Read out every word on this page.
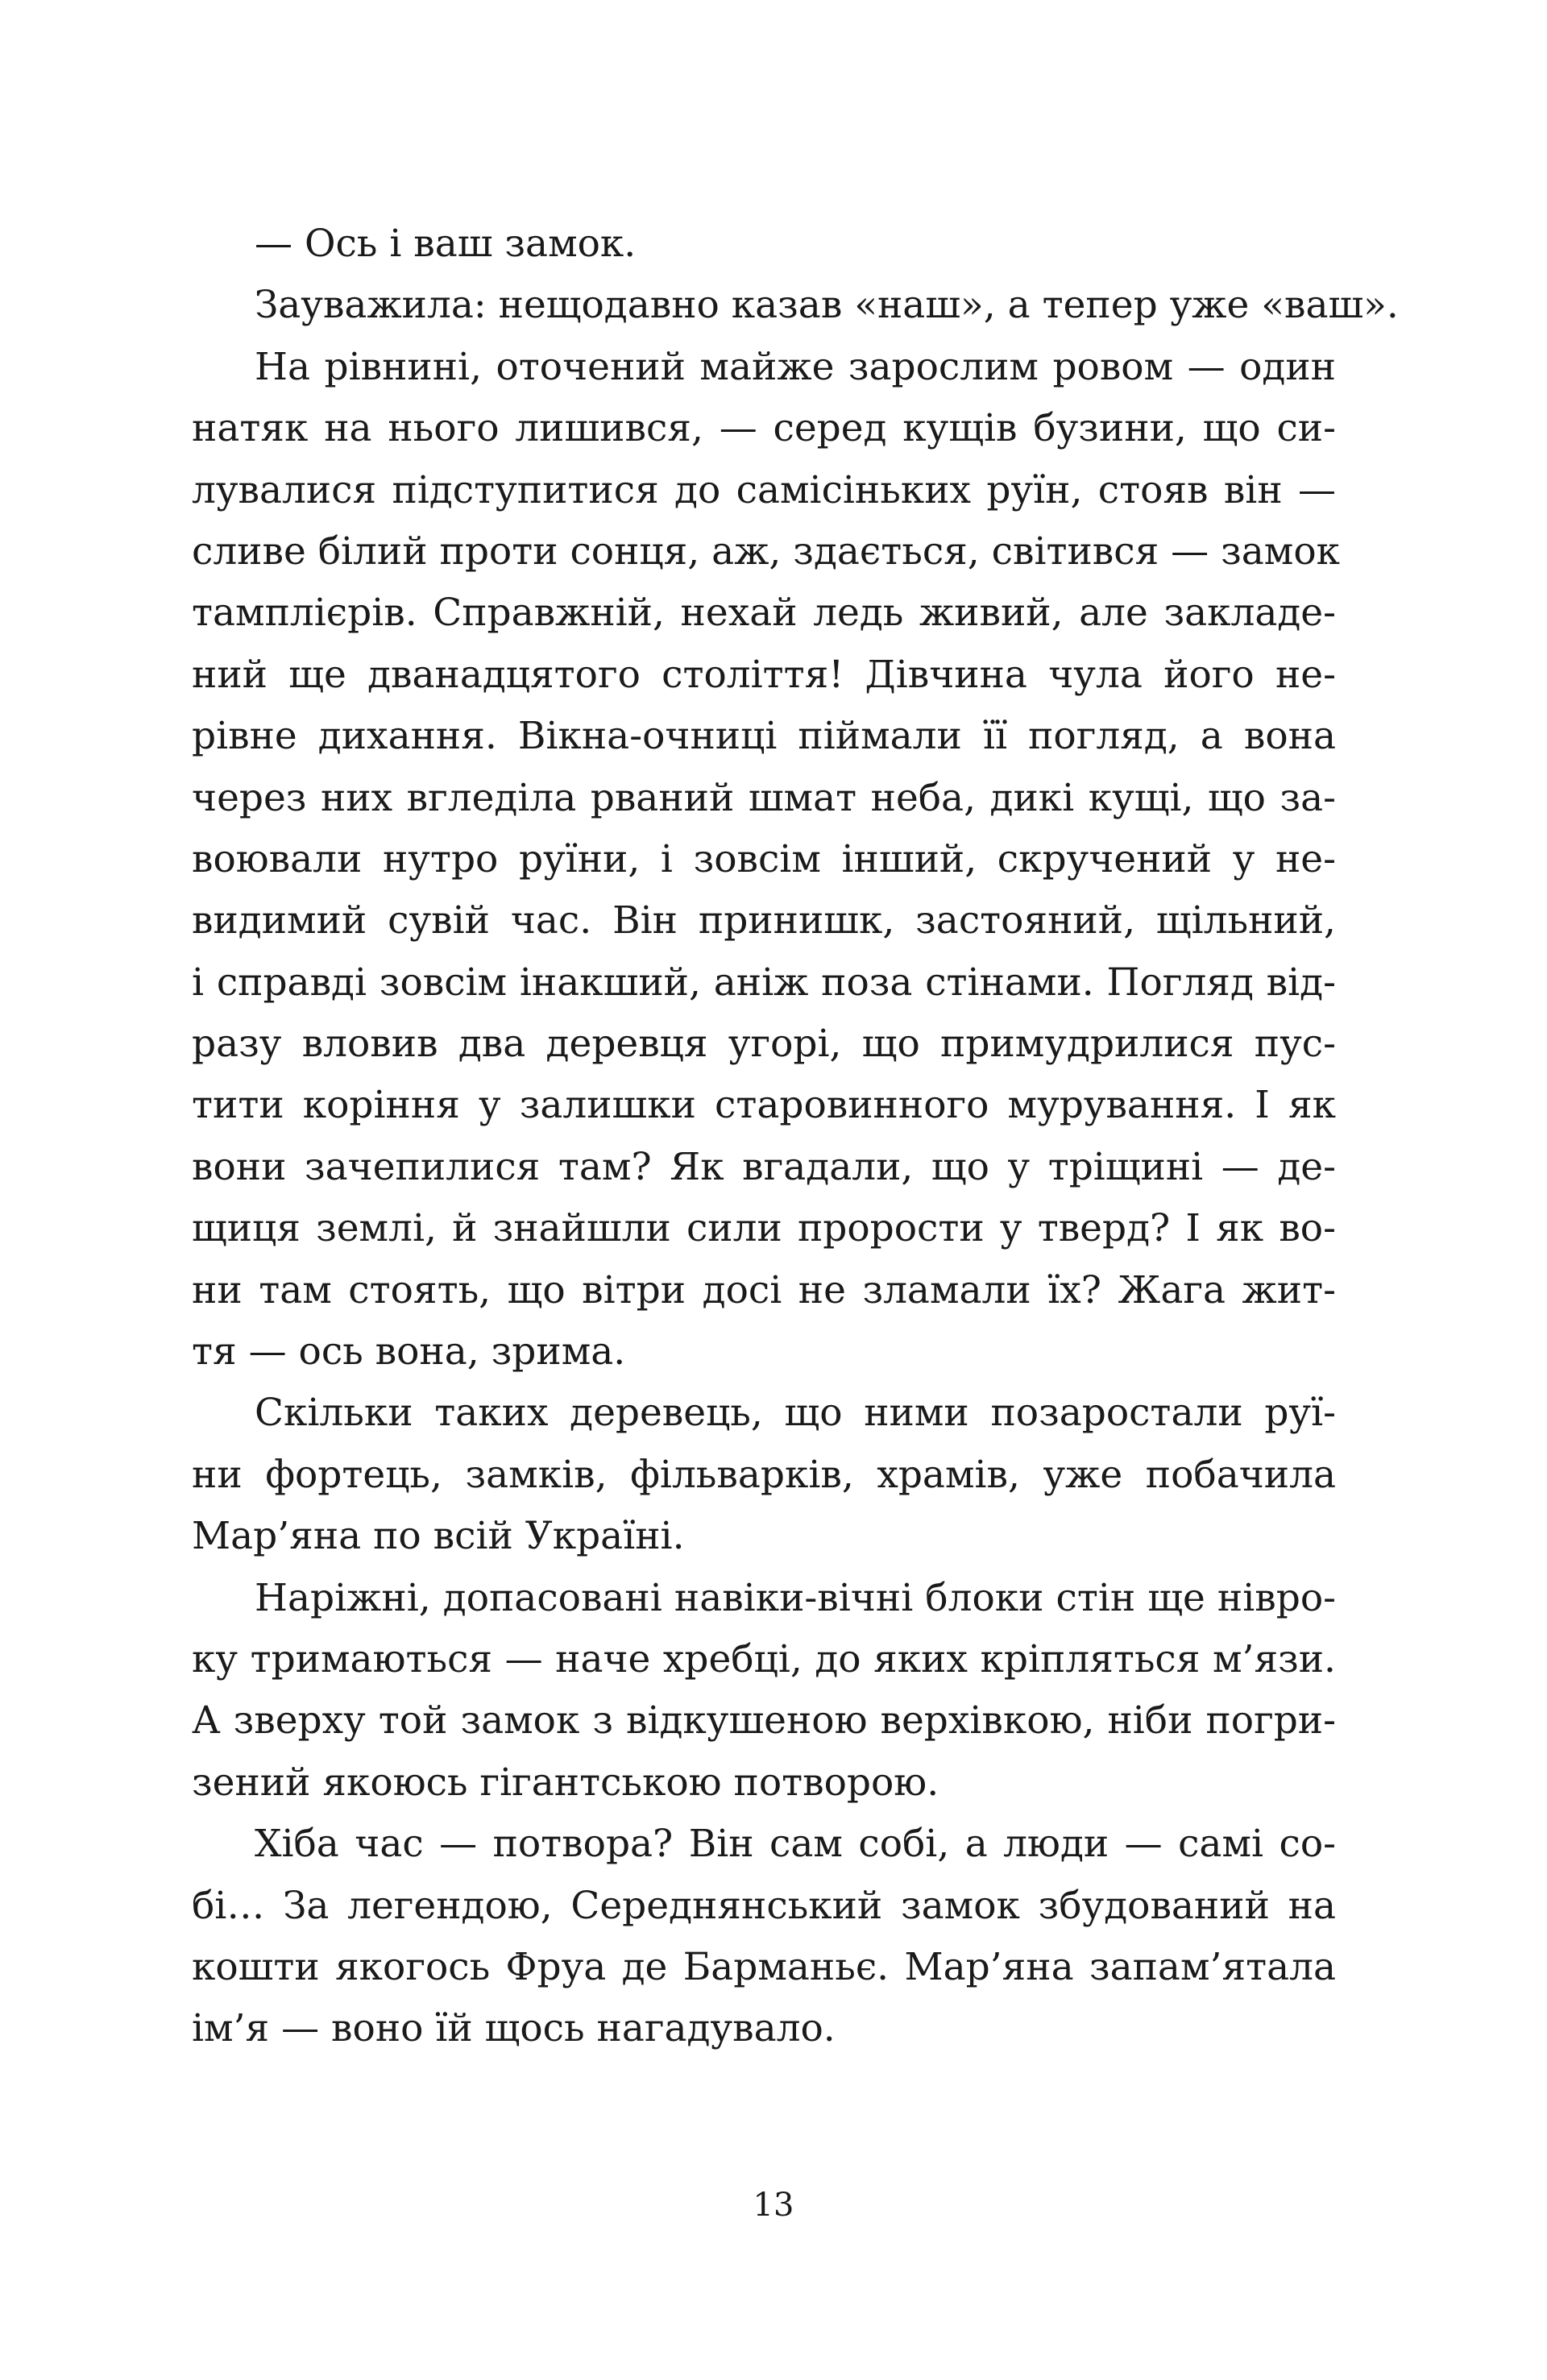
— Ось і ваш замок.
Зауважила: нещодавно казав «наш», а тепер уже «ваш».
На рівнині, оточений майже зарослим ровом — один
натяк на нього лишився, — серед кущів бузини, що си-
лувалися підступитися до самісіньких руїн, стояв він —
сливе білий проти сонця, аж, здається, світився — замок
тамплієрів. Справжній, нехай ледь живий, але закладе-
ний ще дванадцятого століття! Дівчина чула його не-
рівне дихання. Вікна-очниці піймали її погляд, а вона
через них вгледіла рваний шмат неба, дикі кущі, що за-
воювали нутро руїни, і зовсім інший, скручений у не-
видимий сувій час. Він принишк, застояний, щільний,
і справді зовсім інакший, аніж поза стінами. Погляд від-
разу вловив два деревця угорі, що примудрилися пус-
тити коріння у залишки старовинного мурування. І як
вони зачепилися там? Як вгадали, що у тріщині — де-
щиця землі, й знайшли сили прорости у тверд? І як во-
ни там стоять, що вітри досі не зламали їх? Жага жит-
тя — ось вона, зрима.
Скільки таких деревець, що ними позаростали руї-
ни фортець, замків, фільварків, храмів, уже побачила
Мар’яна по всій Україні.
Наріжні, допасовані навіки-вічні блоки стін ще нівро-
ку тримаються — наче хребці, до яких кріпляться м’язи.
А зверху той замок з відкушеною верхівкою, ніби погри-
зений якоюсь гігантською потворою.
Хіба час — потвора? Він сам собі, а люди — самі со-
бі… За легендою, Середнянський замок збудований на
кошти якогось Фруа де Барманьє. Мар’яна запам’ятала
ім’я — воно їй щось нагадувало.
13
